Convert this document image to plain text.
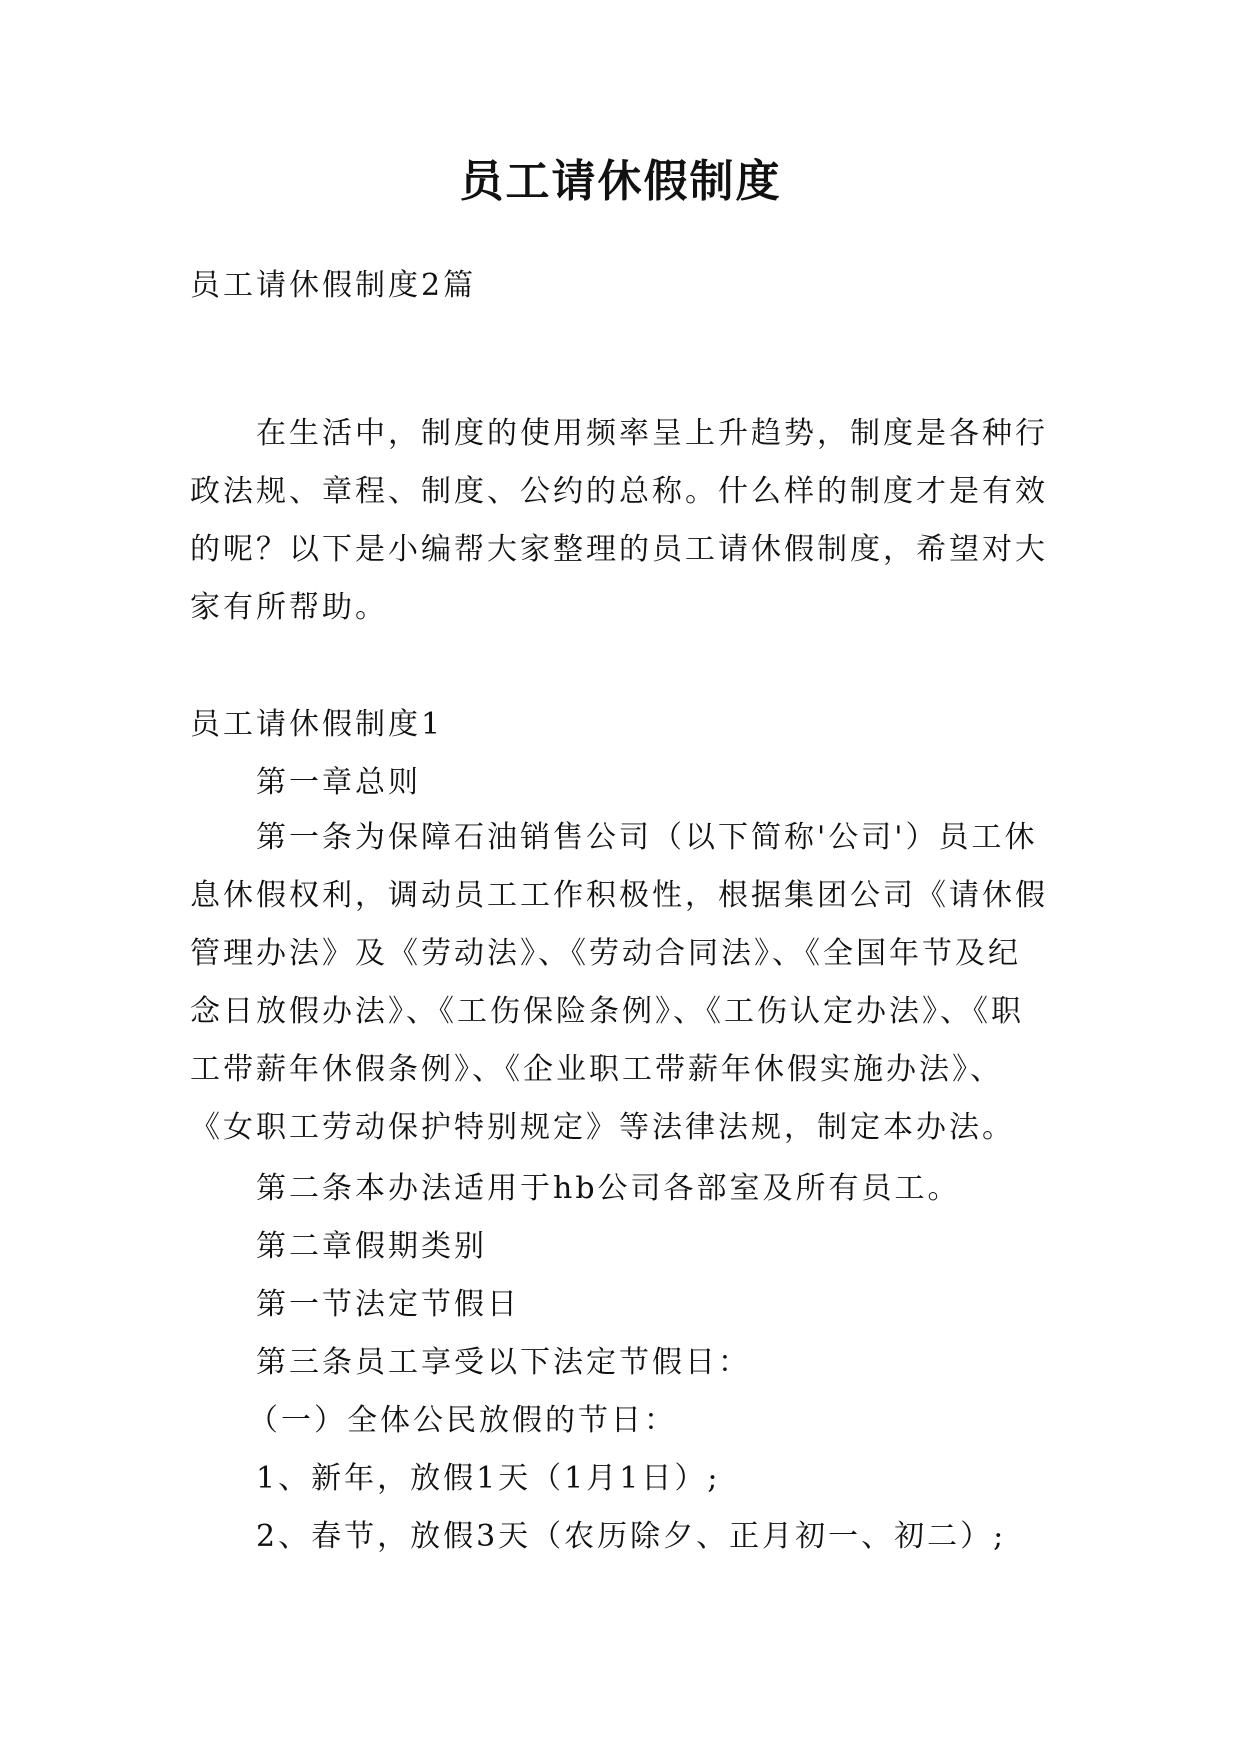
员工请休假制度

员工请休假制度2篇

在生活中，制度的使用频率呈上升趋势，制度是各种行政法规、章程、制度、公约的总称。什么样的制度才是有效的呢？以下是小编帮大家整理的员工请休假制度，希望对大家有所帮助。

员工请休假制度1

第一章总则

第一条为保障石油销售公司（以下简称'公司'）员工休息休假权利，调动员工工作积极性，根据集团公司《请休假管理办法》及《劳动法》、《劳动合同法》、《全国年节及纪念日放假办法》、《工伤保险条例》、《工伤认定办法》、《职工带薪年休假条例》、《企业职工带薪年休假实施办法》、《女职工劳动保护特别规定》等法律法规，制定本办法。

第二条本办法适用于hb公司各部室及所有员工。

第二章假期类别

第一节法定节假日

第三条员工享受以下法定节假日：

（一）全体公民放假的节日：

1、新年，放假1天（1月1日）;

2、春节，放假3天（农历除夕、正月初一、初二）;
